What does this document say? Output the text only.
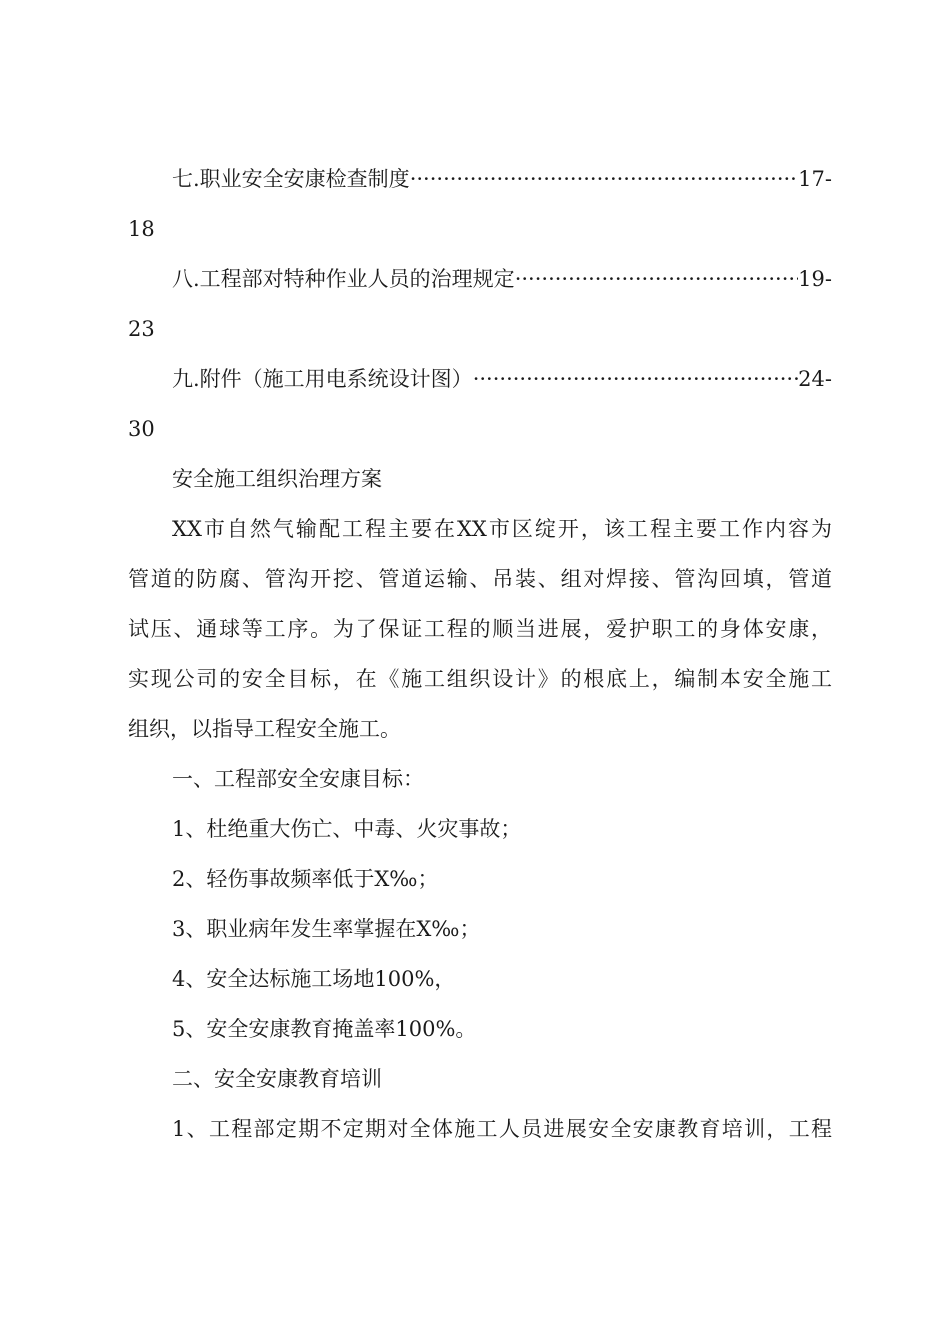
七.职业安全安康检查制度 ·····	17-
18
八.工程部对特种作业人员的治理规定 ·····	19-
23
九.附件（施工用电系统设计图） ·····	24-
30
安全施工组织治理方案
XX市自然气输配工程主要在XX市区绽开，该工程主要工作内容为
管道的防腐、管沟开挖、管道运输、吊装、组对焊接、管沟回填，管道
试压、通球等工序。为了保证工程的顺当进展，爱护职工的身体安康，
实现公司的安全目标，在《施工组织设计》的根底上，编制本安全施工
组织，以指导工程安全施工。
一、工程部安全安康目标：
1、杜绝重大伤亡、中毒、火灾事故；
2、轻伤事故频率低于X‰；
3、职业病年发生率掌握在X‰；
4、安全达标施工场地100%，
5、安全安康教育掩盖率100%。
二、安全安康教育培训
1、工程部定期不定期对全体施工人员进展安全安康教育培训，工程
